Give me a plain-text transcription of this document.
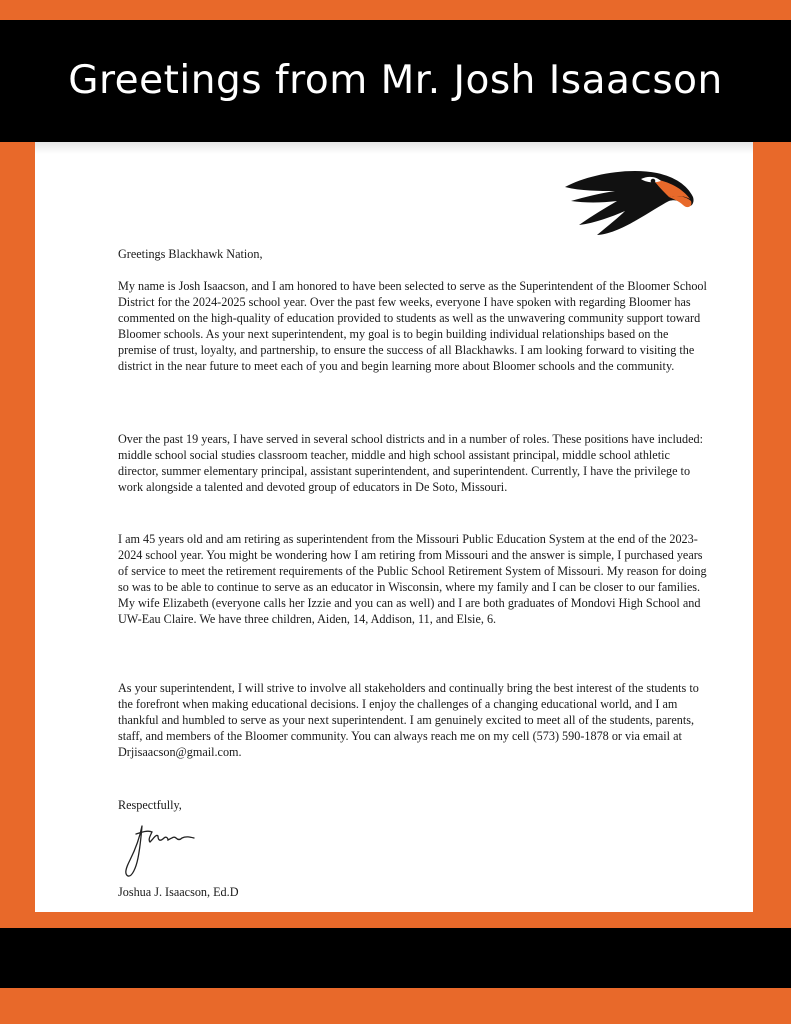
Greetings from Mr. Josh Isaacson
Greetings Blackhawk Nation,
My name is Josh Isaacson, and I am honored to have been selected to serve as the Superintendent of the Bloomer School District for the 2024-2025 school year. Over the past few weeks, everyone I have spoken with regarding Bloomer has commented on the high-quality of education provided to students as well as the unwavering community support toward Bloomer schools. As your next superintendent, my goal is to begin building individual relationships based on the premise of trust, loyalty, and partnership, to ensure the success of all Blackhawks. I am looking forward to visiting the district in the near future to meet each of you and begin learning more about Bloomer schools and the community.
Over the past 19 years, I have served in several school districts and in a number of roles. These positions have included: middle school social studies classroom teacher, middle and high school assistant principal, middle school athletic director, summer elementary principal, assistant superintendent, and superintendent. Currently, I have the privilege to work alongside a talented and devoted group of educators in De Soto, Missouri.
I am 45 years old and am retiring as superintendent from the Missouri Public Education System at the end of the 2023-2024 school year. You might be wondering how I am retiring from Missouri and the answer is simple, I purchased years of service to meet the retirement requirements of the Public School Retirement System of Missouri. My reason for doing so was to be able to continue to serve as an educator in Wisconsin, where my family and I can be closer to our families. My wife Elizabeth (everyone calls her Izzie and you can as well) and I are both graduates of Mondovi High School and UW-Eau Claire. We have three children, Aiden, 14, Addison, 11, and Elsie, 6.
As your superintendent, I will strive to involve all stakeholders and continually bring the best interest of the students to the forefront when making educational decisions. I enjoy the challenges of a changing educational world, and I am thankful and humbled to serve as your next superintendent. I am genuinely excited to meet all of the students, parents, staff, and members of the Bloomer community. You can always reach me on my cell (573) 590-1878 or via email at Drjisaacson@gmail.com.
Respectfully,
Joshua J. Isaacson, Ed.D
